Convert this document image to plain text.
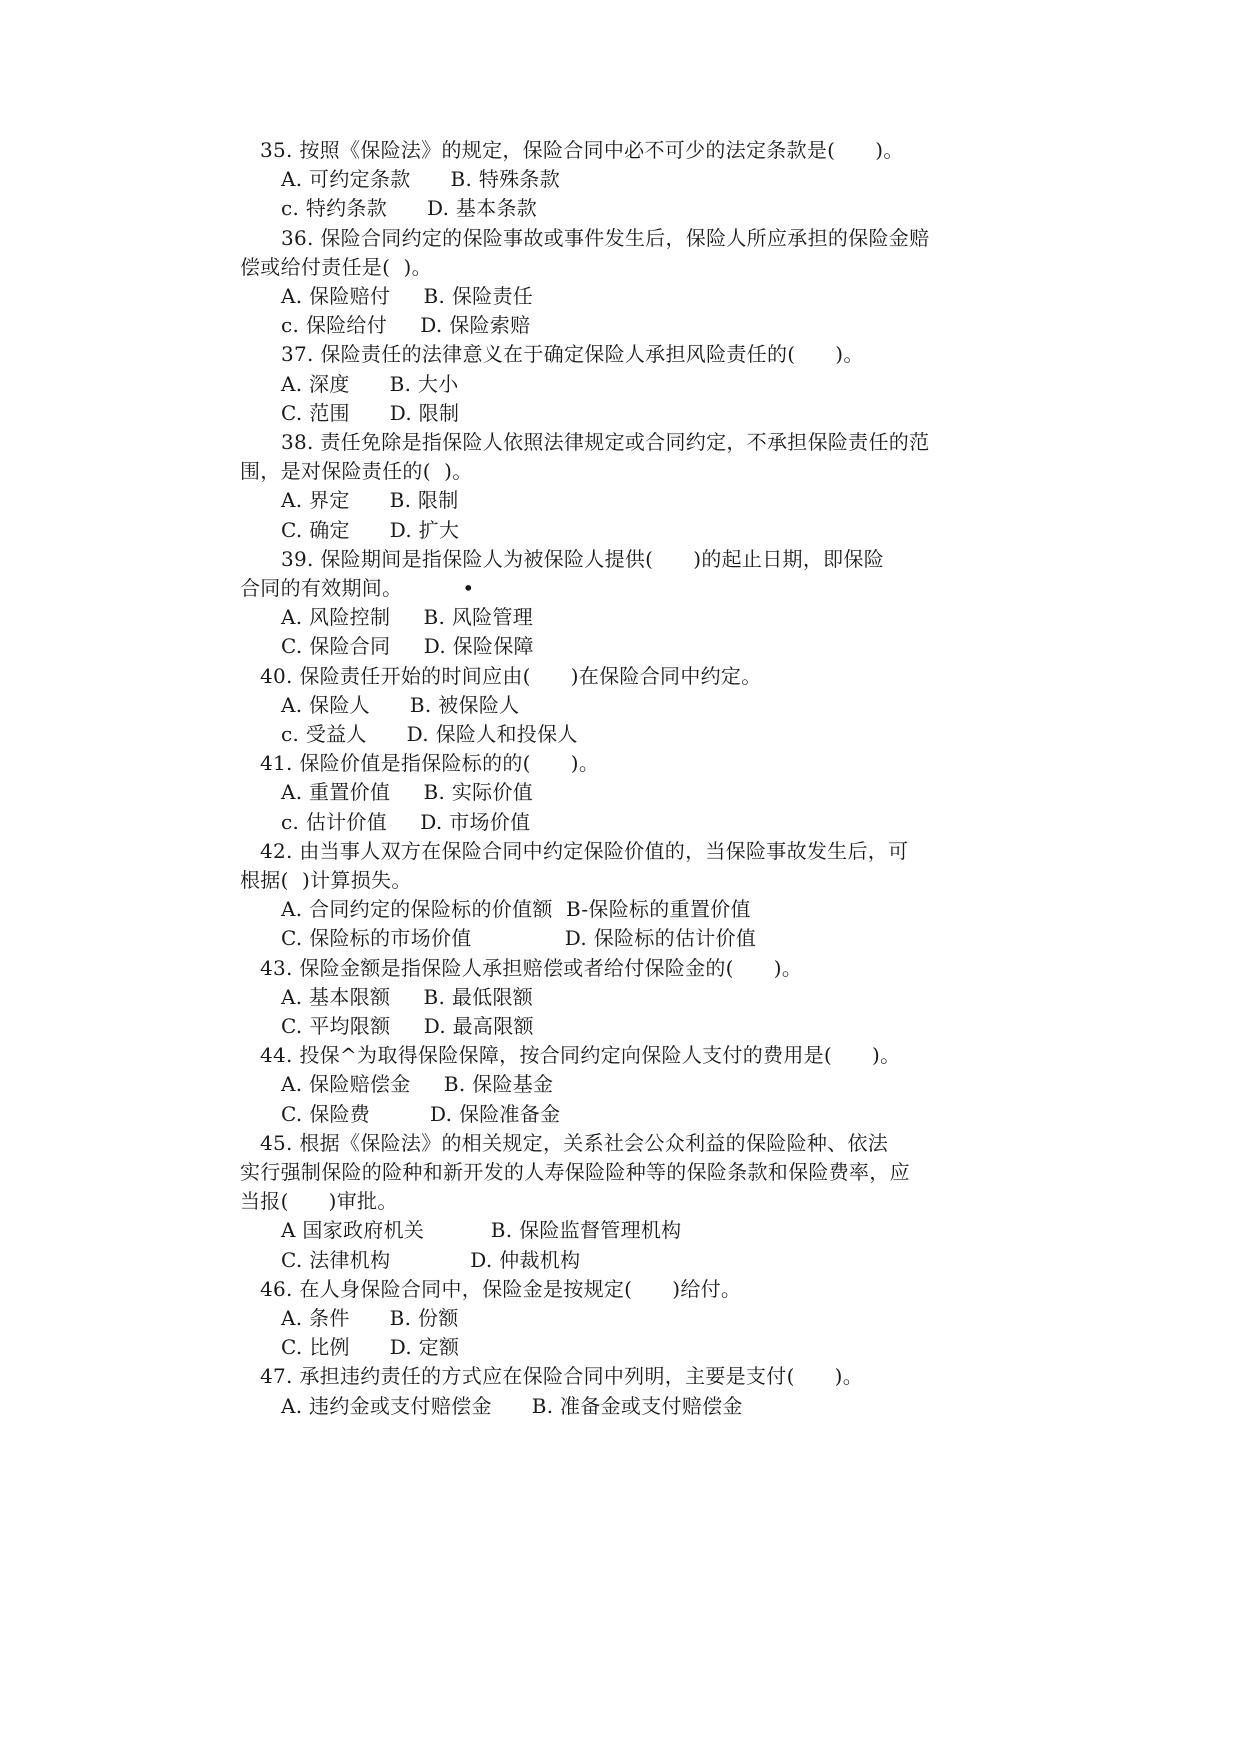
35. 按照《保险法》的规定，保险合同中必不可少的法定条款是(      )。
A. 可约定条款      B. 特殊条款
c. 特约条款      D. 基本条款
36. 保险合同约定的保险事故或事件发生后，保险人所应承担的保险金赔
偿或给付责任是(  )。
A. 保险赔付     B. 保险责任
c. 保险给付     D. 保险索赔
37. 保险责任的法律意义在于确定保险人承担风险责任的(      )。
A. 深度      B. 大小
C. 范围      D. 限制
38. 责任免除是指保险人依照法律规定或合同约定，不承担保险责任的范
围，是对保险责任的(  )。
A. 界定      B. 限制
C. 确定      D. 扩大
39. 保险期间是指保险人为被保险人提供(      )的起止日期，即保险
合同的有效期间。         •
A. 风险控制     B. 风险管理
C. 保险合同     D. 保险保障
40. 保险责任开始的时间应由(      )在保险合同中约定。
A. 保险人      B. 被保险人
c. 受益人      D. 保险人和投保人
41. 保险价值是指保险标的的(      )。
A. 重置价值     B. 实际价值
c. 估计价值     D. 市场价值
42. 由当事人双方在保险合同中约定保险价值的，当保险事故发生后，可
根据(  )计算损失。
A. 合同约定的保险标的价值额  B-保险标的重置价值
C. 保险标的市场价值              D. 保险标的估计价值
43. 保险金额是指保险人承担赔偿或者给付保险金的(      )。
A. 基本限额     B. 最低限额
C. 平均限额     D. 最高限额
44. 投保^为取得保险保障，按合同约定向保险人支付的费用是(      )。
A. 保险赔偿金     B. 保险基金
C. 保险费         D. 保险准备金
45. 根据《保险法》的相关规定，关系社会公众利益的保险险种、依法
实行强制保险的险种和新开发的人寿保险险种等的保险条款和保险费率，应
当报(      )审批。
A 国家政府机关          B. 保险监督管理机构
C. 法律机构            D. 仲裁机构
46. 在人身保险合同中，保险金是按规定(      )给付。
A. 条件      B. 份额
C. 比例      D. 定额
47. 承担违约责任的方式应在保险合同中列明，主要是支付(      )。
A. 违约金或支付赔偿金      B. 准备金或支付赔偿金
